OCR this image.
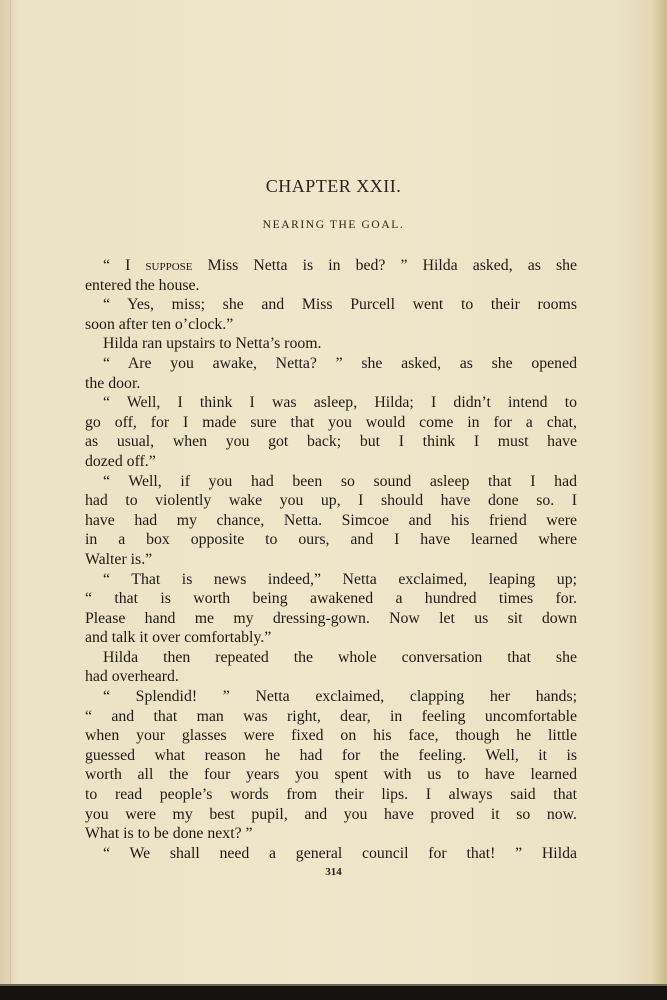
CHAPTER XXII.
NEARING THE GOAL.
“ I suppose Miss Netta is in bed? ” Hilda asked, as she
entered the house.
“ Yes, miss; she and Miss Purcell went to their rooms
soon after ten o’clock.”
Hilda ran upstairs to Netta’s room.
“ Are you awake, Netta? ” she asked, as she opened
the door.
“ Well, I think I was asleep, Hilda; I didn’t intend to
go off, for I made sure that you would come in for a chat,
as usual, when you got back; but I think I must have
dozed off.”
“ Well, if you had been so sound asleep that I had
had to violently wake you up, I should have done so. I
have had my chance, Netta. Simcoe and his friend were
in a box opposite to ours, and I have learned where
Walter is.”
“ That is news indeed,” Netta exclaimed, leaping up;
“ that is worth being awakened a hundred times for.
Please hand me my dressing-gown. Now let us sit down
and talk it over comfortably.”
Hilda then repeated the whole conversation that she
had overheard.
“ Splendid! ” Netta exclaimed, clapping her hands;
“ and that man was right, dear, in feeling uncomfortable
when your glasses were fixed on his face, though he little
guessed what reason he had for the feeling. Well, it is
worth all the four years you spent with us to have learned
to read people’s words from their lips. I always said that
you were my best pupil, and you have proved it so now.
What is to be done next? ”
“ We shall need a general council for that! ” Hilda
314
